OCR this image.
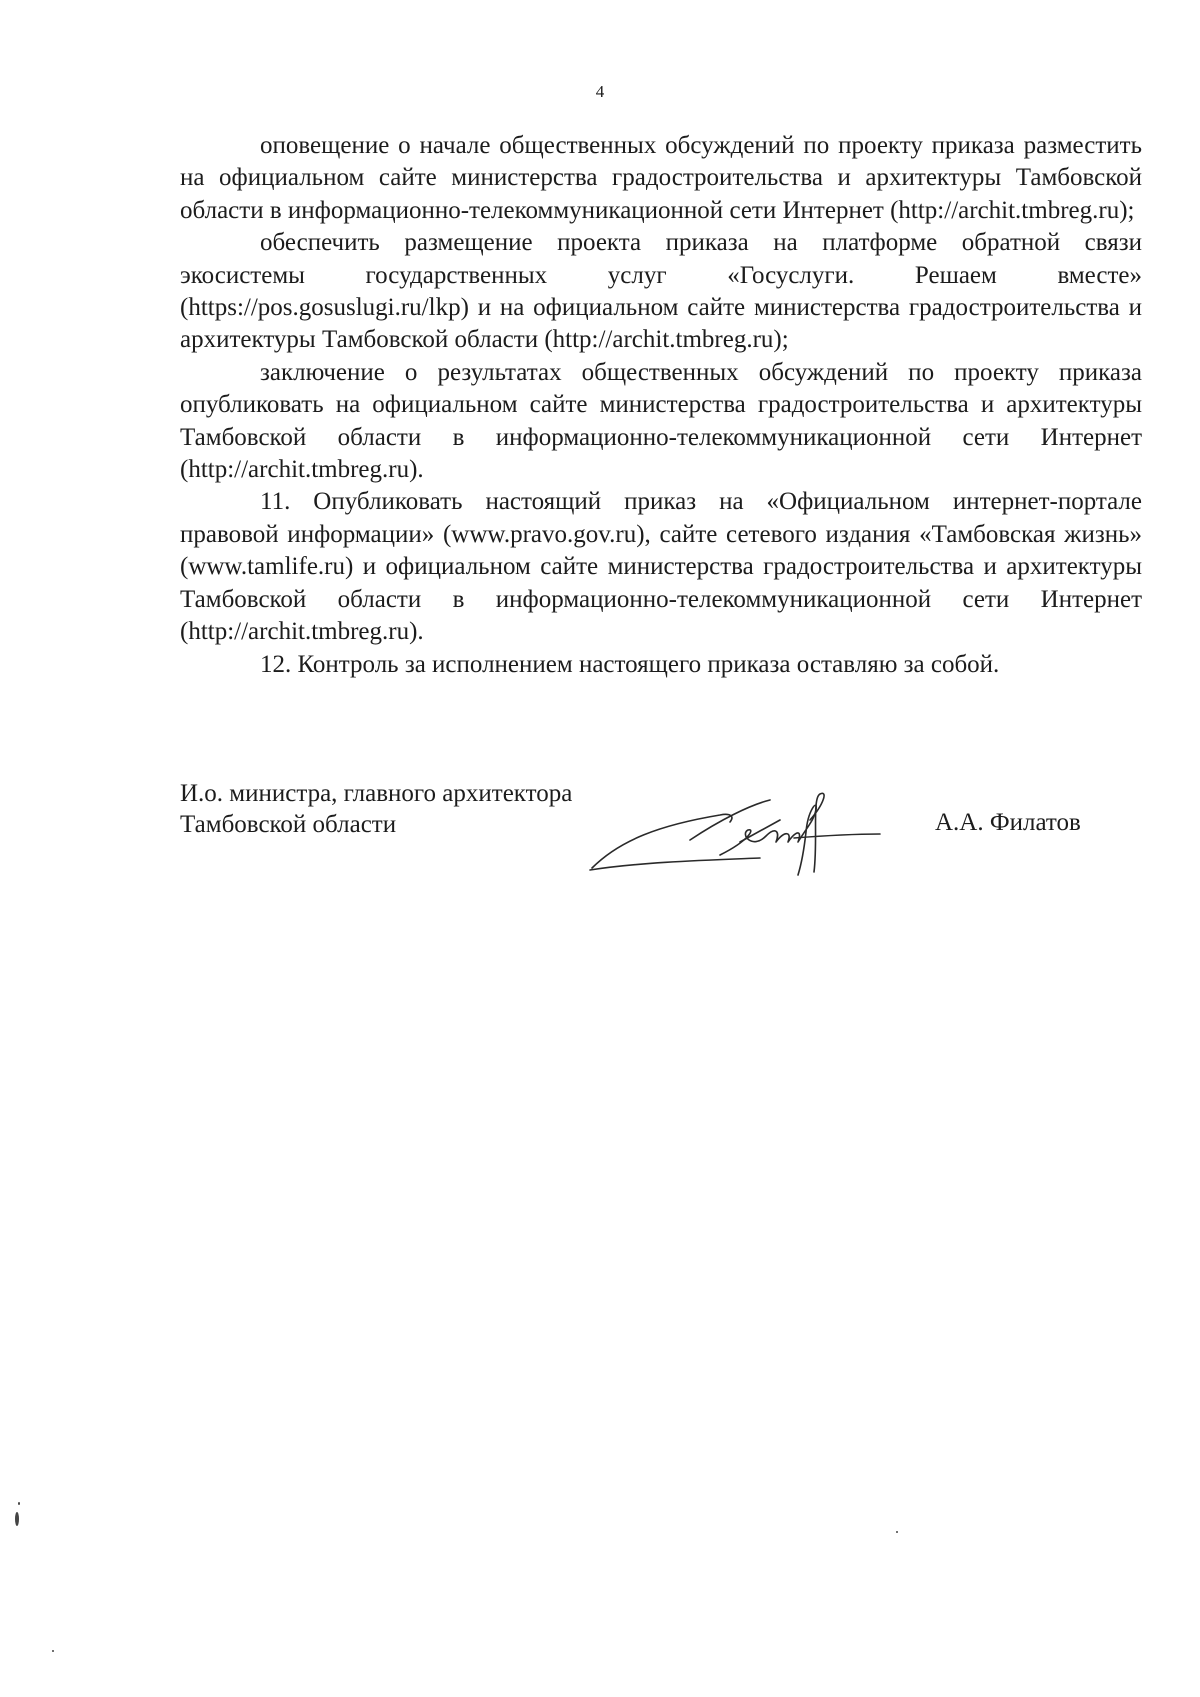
4

оповещение о начале общественных обсуждений по проекту приказа разместить на официальном сайте министерства градостроительства и архитектуры Тамбовской области в информационно-телекоммуникационной сети Интернет (http://archit.tmbreg.ru);

обеспечить размещение проекта приказа на платформе обратной связи экосистемы государственных услуг «Госуслуги. Решаем вместе» (https://pos.gosuslugi.ru/lkp) и на официальном сайте министерства градостроительства и архитектуры Тамбовской области (http://archit.tmbreg.ru);

заключение о результатах общественных обсуждений по проекту приказа опубликовать на официальном сайте министерства градостроительства и архитектуры Тамбовской области в информационно-телекоммуникационной сети Интернет (http://archit.tmbreg.ru).

11. Опубликовать настоящий приказ на «Официальном интернет-портале правовой информации» (www.pravo.gov.ru), сайте сетевого издания «Тамбовская жизнь» (www.tamlife.ru) и официальном сайте министерства градостроительства и архитектуры Тамбовской области в информационно-телекоммуникационной сети Интернет (http://archit.tmbreg.ru).

12. Контроль за исполнением настоящего приказа оставляю за собой.

И.о. министра, главного архитектора
Тамбовской области	А.А. Филатов
